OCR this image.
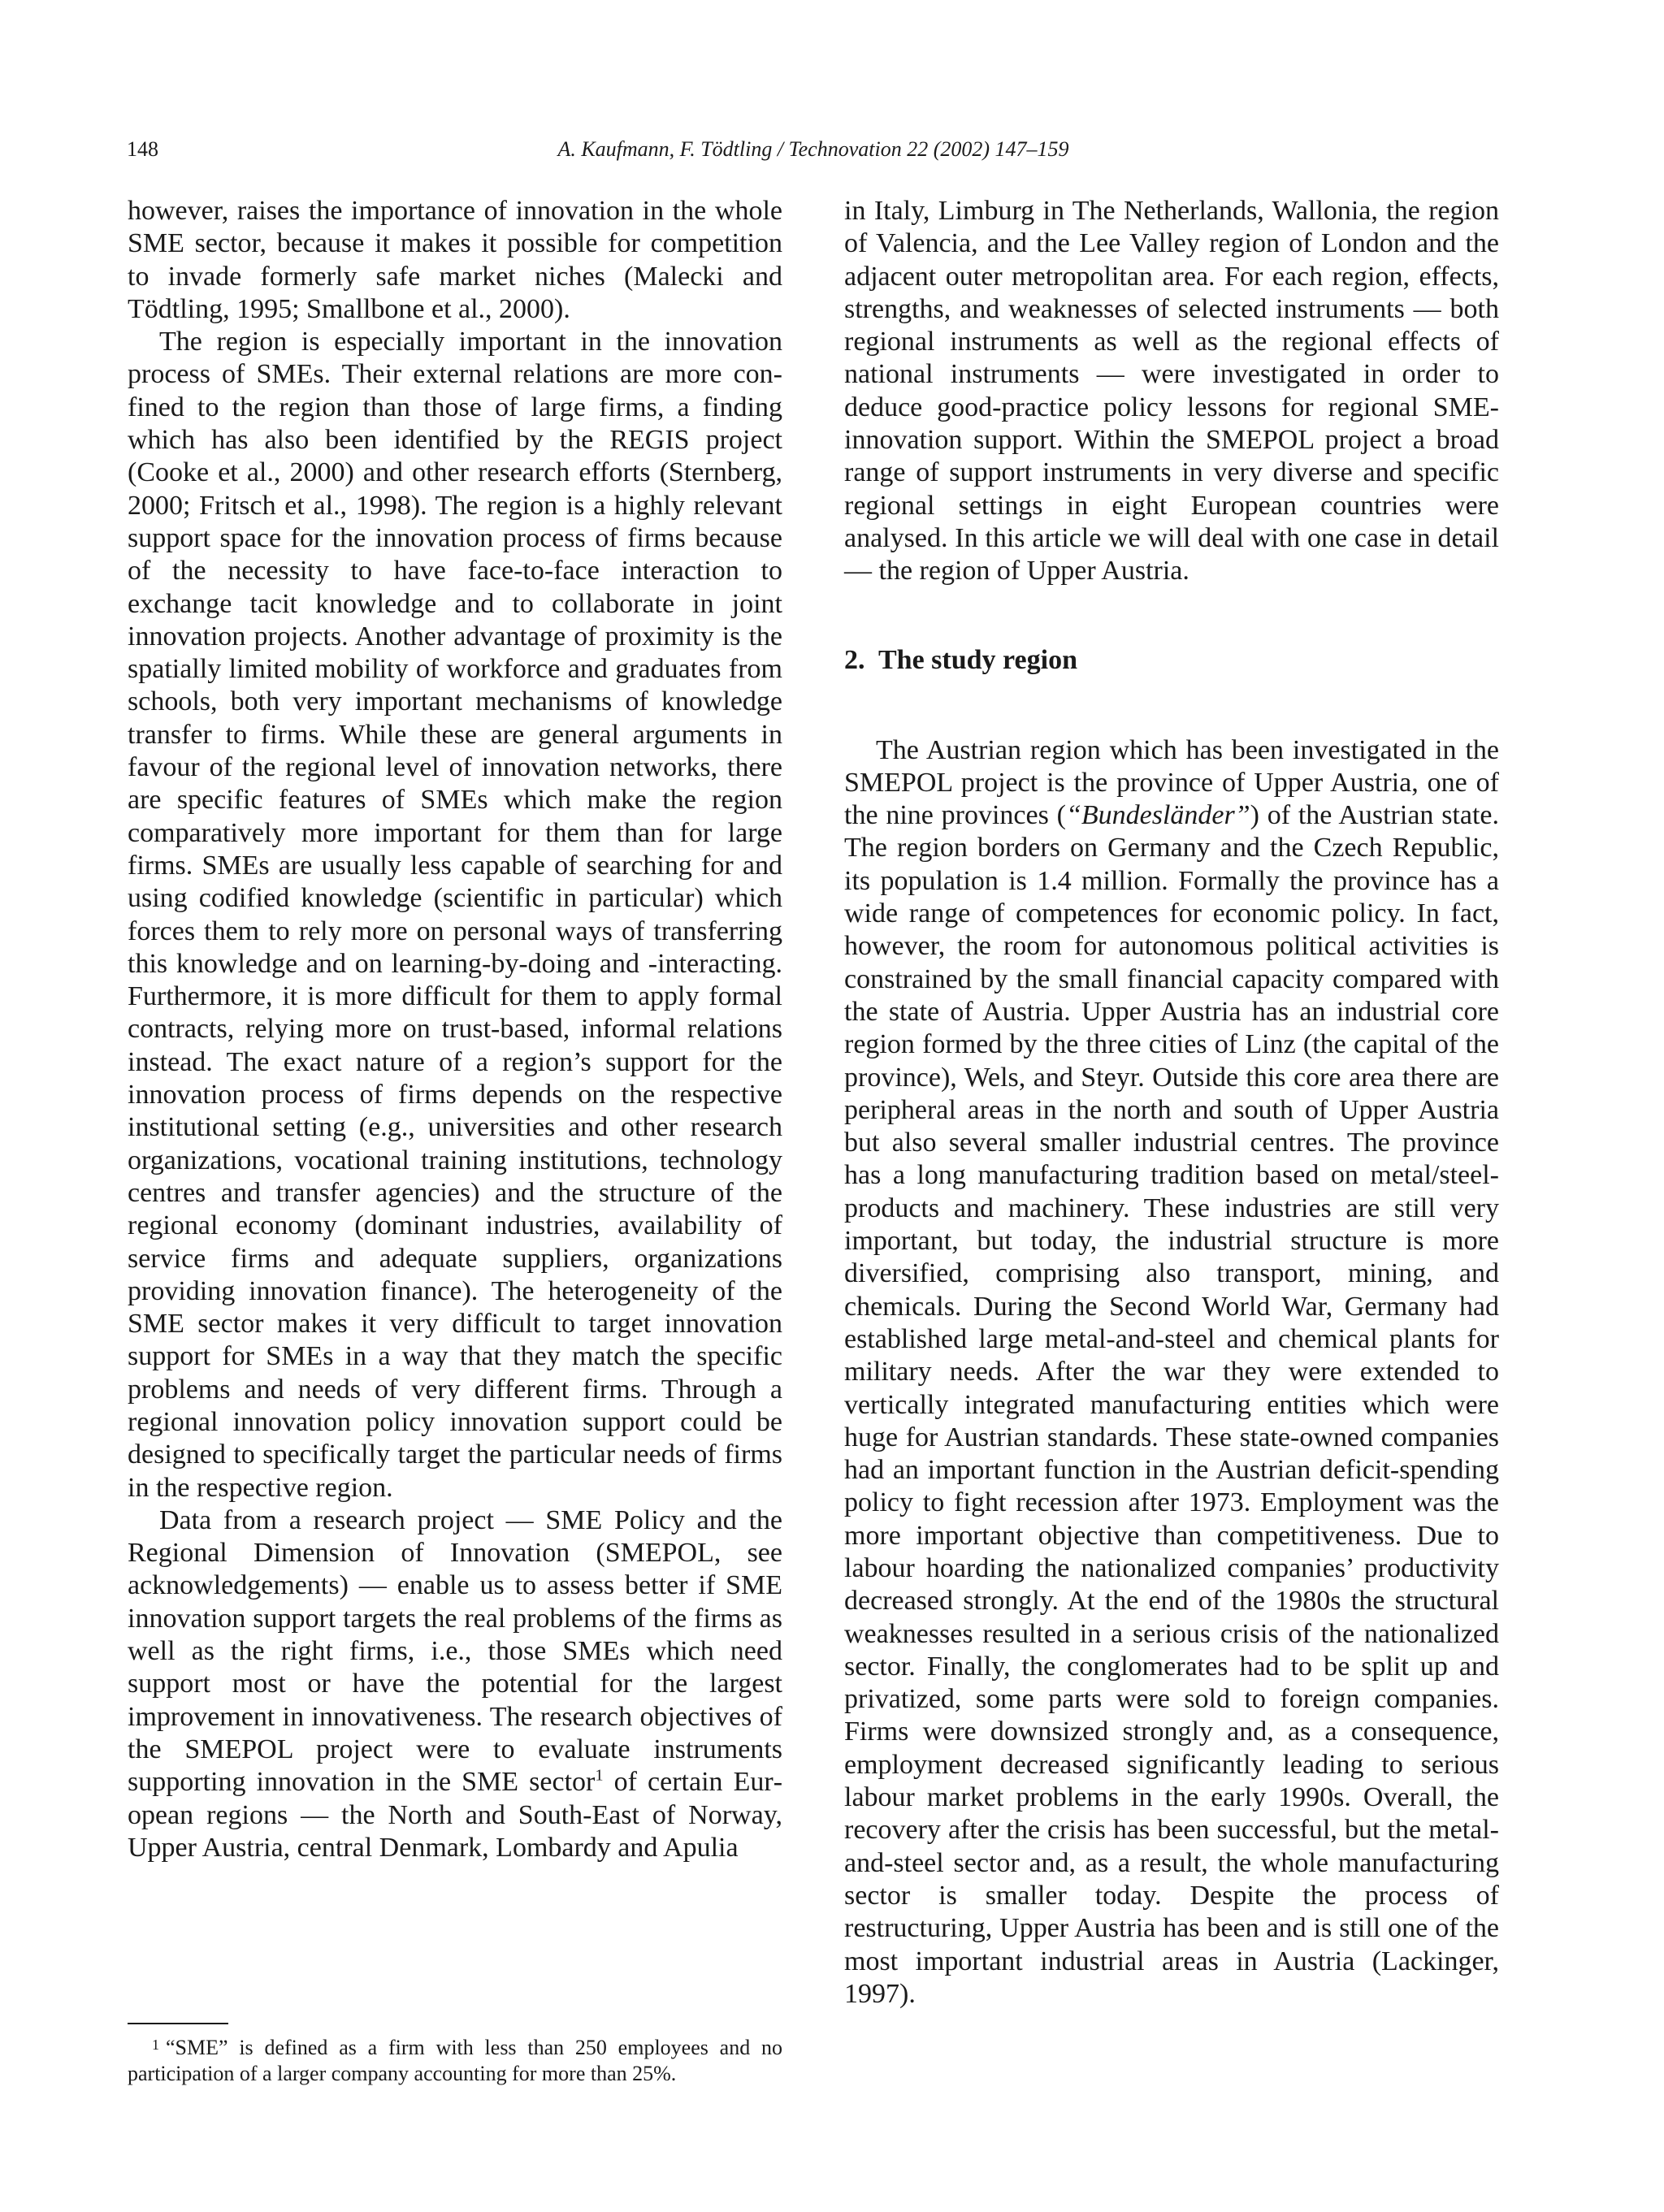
148	A. Kaufmann, F. Tödtling / Technovation 22 (2002) 147–159

however, raises the importance of innovation in the whole SME sector, because it makes it possible for competition to invade formerly safe market niches (Malecki and Tödtling, 1995; Smallbone et al., 2000).

The region is especially important in the innovation process of SMEs. Their external relations are more confined to the region than those of large firms, a finding which has also been identified by the REGIS project (Cooke et al., 2000) and other research efforts (Sternberg, 2000; Fritsch et al., 1998). The region is a highly relevant support space for the innovation process of firms because of the necessity to have face-to-face interaction to exchange tacit knowledge and to collaborate in joint innovation projects. Another advantage of proximity is the spatially limited mobility of workforce and graduates from schools, both very important mechanisms of knowledge transfer to firms. While these are general arguments in favour of the regional level of innovation networks, there are specific features of SMEs which make the region comparatively more important for them than for large firms. SMEs are usually less capable of searching for and using codified knowledge (scientific in particular) which forces them to rely more on personal ways of transferring this knowledge and on learning-by-doing and -interacting. Furthermore, it is more difficult for them to apply formal contracts, relying more on trust-based, informal relations instead. The exact nature of a region’s support for the innovation process of firms depends on the respective institutional setting (e.g., universities and other research organizations, vocational training institutions, technology centres and transfer agencies) and the structure of the regional economy (dominant industries, availability of service firms and adequate suppliers, organizations providing innovation finance). The heterogeneity of the SME sector makes it very difficult to target innovation support for SMEs in a way that they match the specific problems and needs of very different firms. Through a regional innovation policy innovation support could be designed to specifically target the particular needs of firms in the respective region.

Data from a research project — SME Policy and the Regional Dimension of Innovation (SMEPOL, see acknowledgements) — enable us to assess better if SME innovation support targets the real problems of the firms as well as the right firms, i.e., those SMEs which need support most or have the potential for the largest improvement in innovativeness. The research objectives of the SMEPOL project were to evaluate instruments supporting innovation in the SME sector$^1$ of certain European regions — the North and South-East of Norway, Upper Austria, central Denmark, Lombardy and Apulia

in Italy, Limburg in The Netherlands, Wallonia, the region of Valencia, and the Lee Valley region of London and the adjacent outer metropolitan area. For each region, effects, strengths, and weaknesses of selected instruments — both regional instruments as well as the regional effects of national instruments — were investigated in order to deduce good-practice policy lessons for regional SME-innovation support. Within the SMEPOL project a broad range of support instruments in very diverse and specific regional settings in eight European countries were analysed. In this article we will deal with one case in detail — the region of Upper Austria.

2. The study region

The Austrian region which has been investigated in the SMEPOL project is the province of Upper Austria, one of the nine provinces (“Bundesländer”) of the Austrian state. The region borders on Germany and the Czech Republic, its population is 1.4 million. Formally the province has a wide range of competences for economic policy. In fact, however, the room for autonomous political activities is constrained by the small financial capacity compared with the state of Austria. Upper Austria has an industrial core region formed by the three cities of Linz (the capital of the province), Wels, and Steyr. Outside this core area there are peripheral areas in the north and south of Upper Austria but also several smaller industrial centres. The province has a long manufacturing tradition based on metal/steel-products and machinery. These industries are still very important, but today, the industrial structure is more diversified, comprising also transport, mining, and chemicals. During the Second World War, Germany had established large metal-and-steel and chemical plants for military needs. After the war they were extended to vertically integrated manufacturing entities which were huge for Austrian standards. These state-owned companies had an important function in the Austrian deficit-spending policy to fight recession after 1973. Employment was the more important objective than competitiveness. Due to labour hoarding the nationalized companies’ productivity decreased strongly. At the end of the 1980s the structural weaknesses resulted in a serious crisis of the nationalized sector. Finally, the conglomerates had to be split up and privatized, some parts were sold to foreign companies. Firms were downsized strongly and, as a consequence, employment decreased significantly leading to serious labour market problems in the early 1990s. Overall, the recovery after the crisis has been successful, but the metal-and-steel sector and, as a result, the whole manufacturing sector is smaller today. Despite the process of restructuring, Upper Austria has been and is still one of the most important industrial areas in Austria (Lackinger, 1997).

$^1$ “SME” is defined as a firm with less than 250 employees and no participation of a larger company accounting for more than 25%.
